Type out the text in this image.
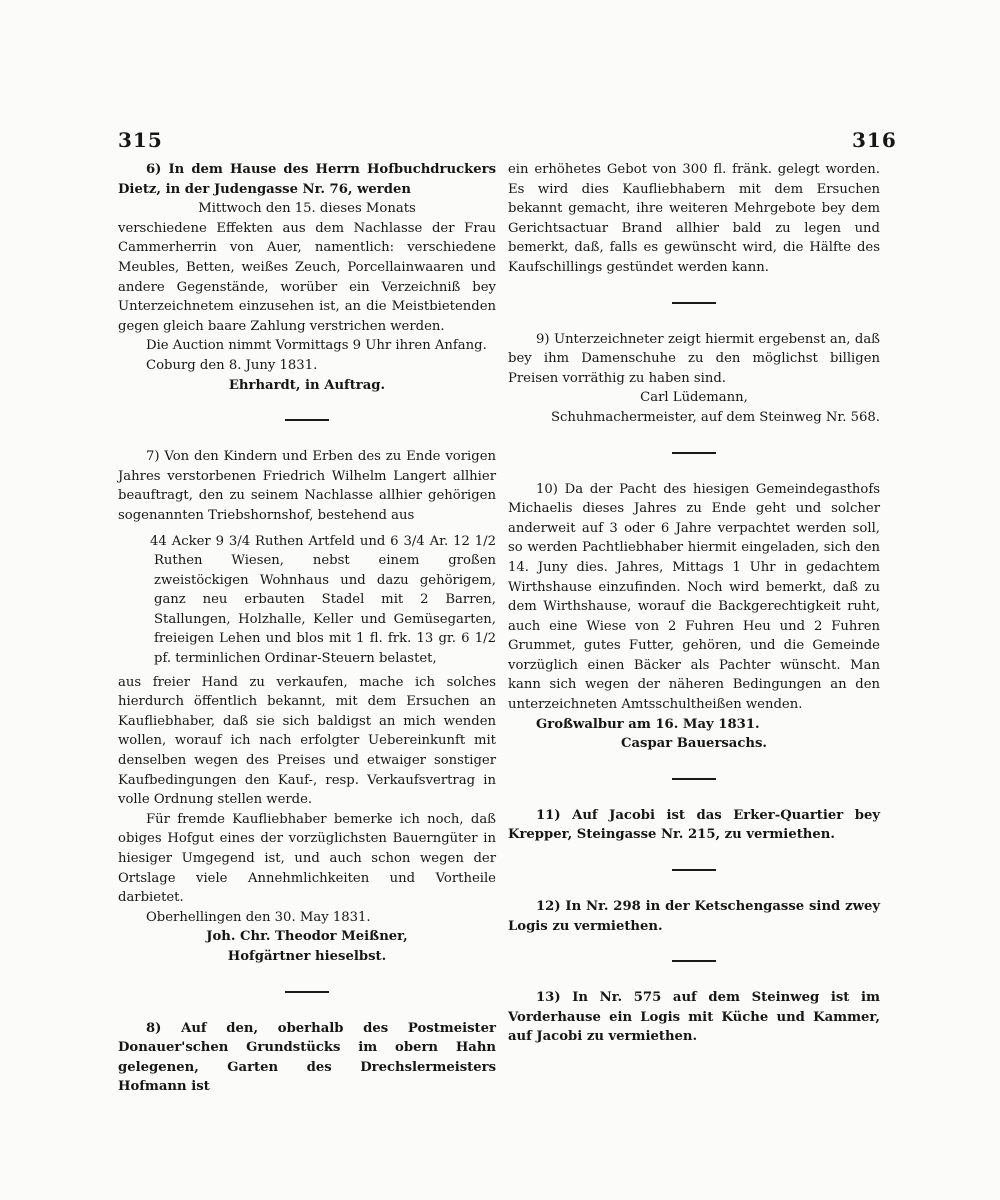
315	316

6) In dem Hause des Herrn Hofbuchdruckers Dietz, in der Judengasse Nr. 76, werden

Mittwoch den 15. dieses Monats

verschiedene Effekten aus dem Nachlasse der Frau Cammerherrin von Auer, namentlich: verschiedene Meubles, Betten, weißes Zeuch, Porcellainwaaren und andere Gegenstände, worüber ein Verzeichniß bey Unterzeichnetem einzusehen ist, an die Meistbietenden gegen gleich baare Zahlung verstrichen werden.

Die Auction nimmt Vormittags 9 Uhr ihren Anfang.

Coburg den 8. Juny 1831.

Ehrhardt, in Auftrag.

7) Von den Kindern und Erben des zu Ende vorigen Jahres verstorbenen Friedrich Wilhelm Langert allhier beauftragt, den zu seinem Nachlasse allhier gehörigen sogenannten Triebshornshof, bestehend aus

44 Acker 9 3/4 Ruthen Artfeld und 6 3/4 Ar. 12 1/2 Ruthen Wiesen, nebst einem großen zweistöckigen Wohnhaus und dazu gehörigem, ganz neu erbauten Stadel mit 2 Barren, Stallungen, Holzhalle, Keller und Gemüsegarten, freieigen Lehen und blos mit 1 fl. frk. 13 gr. 6 1/2 pf. terminlichen Ordinar-Steuern belastet,

aus freier Hand zu verkaufen, mache ich solches hierdurch öffentlich bekannt, mit dem Ersuchen an Kaufliebhaber, daß sie sich baldigst an mich wenden wollen, worauf ich nach erfolgter Uebereinkunft mit denselben wegen des Preises und etwaiger sonstiger Kaufbedingungen den Kauf-, resp. Verkaufsvertrag in volle Ordnung stellen werde.

Für fremde Kaufliebhaber bemerke ich noch, daß obiges Hofgut eines der vorzüglichsten Bauerngüter in hiesiger Umgegend ist, und auch schon wegen der Ortslage viele Annehmlichkeiten und Vortheile darbietet.

Oberhellingen den 30. May 1831.

Joh. Chr. Theodor Meißner,

Hofgärtner hieselbst.

8) Auf den, oberhalb des Postmeister Donauer'schen Grundstücks im obern Hahn gelegenen, Garten des Drechslermeisters Hofmann ist

ein erhöhetes Gebot von 300 fl. fränk. gelegt worden. Es wird dies Kaufliebhabern mit dem Ersuchen bekannt gemacht, ihre weiteren Mehrgebote bey dem Gerichtsactuar Brand allhier bald zu legen und bemerkt, daß, falls es gewünscht wird, die Hälfte des Kaufschillings gestündet werden kann.

9) Unterzeichneter zeigt hiermit ergebenst an, daß bey ihm Damenschuhe zu den möglichst billigen Preisen vorräthig zu haben sind.

Carl Lüdemann,

Schuhmachermeister, auf dem Steinweg Nr. 568.

10) Da der Pacht des hiesigen Gemeindegasthofs Michaelis dieses Jahres zu Ende geht und solcher anderweit auf 3 oder 6 Jahre verpachtet werden soll, so werden Pachtliebhaber hiermit eingeladen, sich den 14. Juny dies. Jahres, Mittags 1 Uhr in gedachtem Wirthshause einzufinden. Noch wird bemerkt, daß zu dem Wirthshause, worauf die Backgerechtigkeit ruht, auch eine Wiese von 2 Fuhren Heu und 2 Fuhren Grummet, gutes Futter, gehören, und die Gemeinde vorzüglich einen Bäcker als Pachter wünscht. Man kann sich wegen der näheren Bedingungen an den unterzeichneten Amtsschultheißen wenden.

Großwalbur am 16. May 1831.

Caspar Bauersachs.

11) Auf Jacobi ist das Erker-Quartier bey Krepper, Steingasse Nr. 215, zu vermiethen.

12) In Nr. 298 in der Ketschengasse sind zwey Logis zu vermiethen.

13) In Nr. 575 auf dem Steinweg ist im Vorderhause ein Logis mit Küche und Kammer, auf Jacobi zu vermiethen.
